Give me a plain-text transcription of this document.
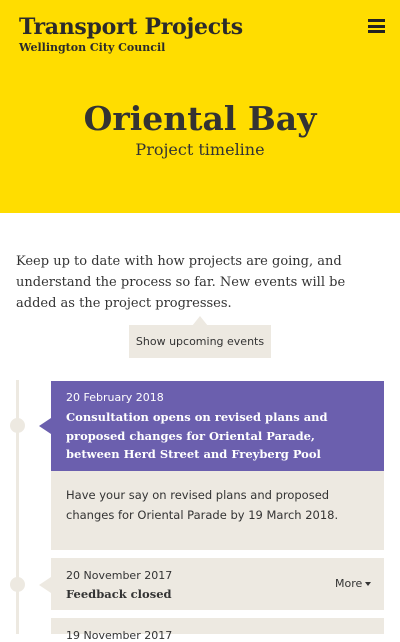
Transport Projects
Wellington City Council
Oriental Bay
Project timeline
Keep up to date with how projects are going, and understand the process so far. New events will be added as the project progresses.
Show upcoming events
20 February 2018
Consultation opens on revised plans and proposed changes for Oriental Parade, between Herd Street and Freyberg Pool
Have your say on revised plans and proposed changes for Oriental Parade by 19 March 2018.
20 November 2017
Feedback closed
More
19 November 2017
